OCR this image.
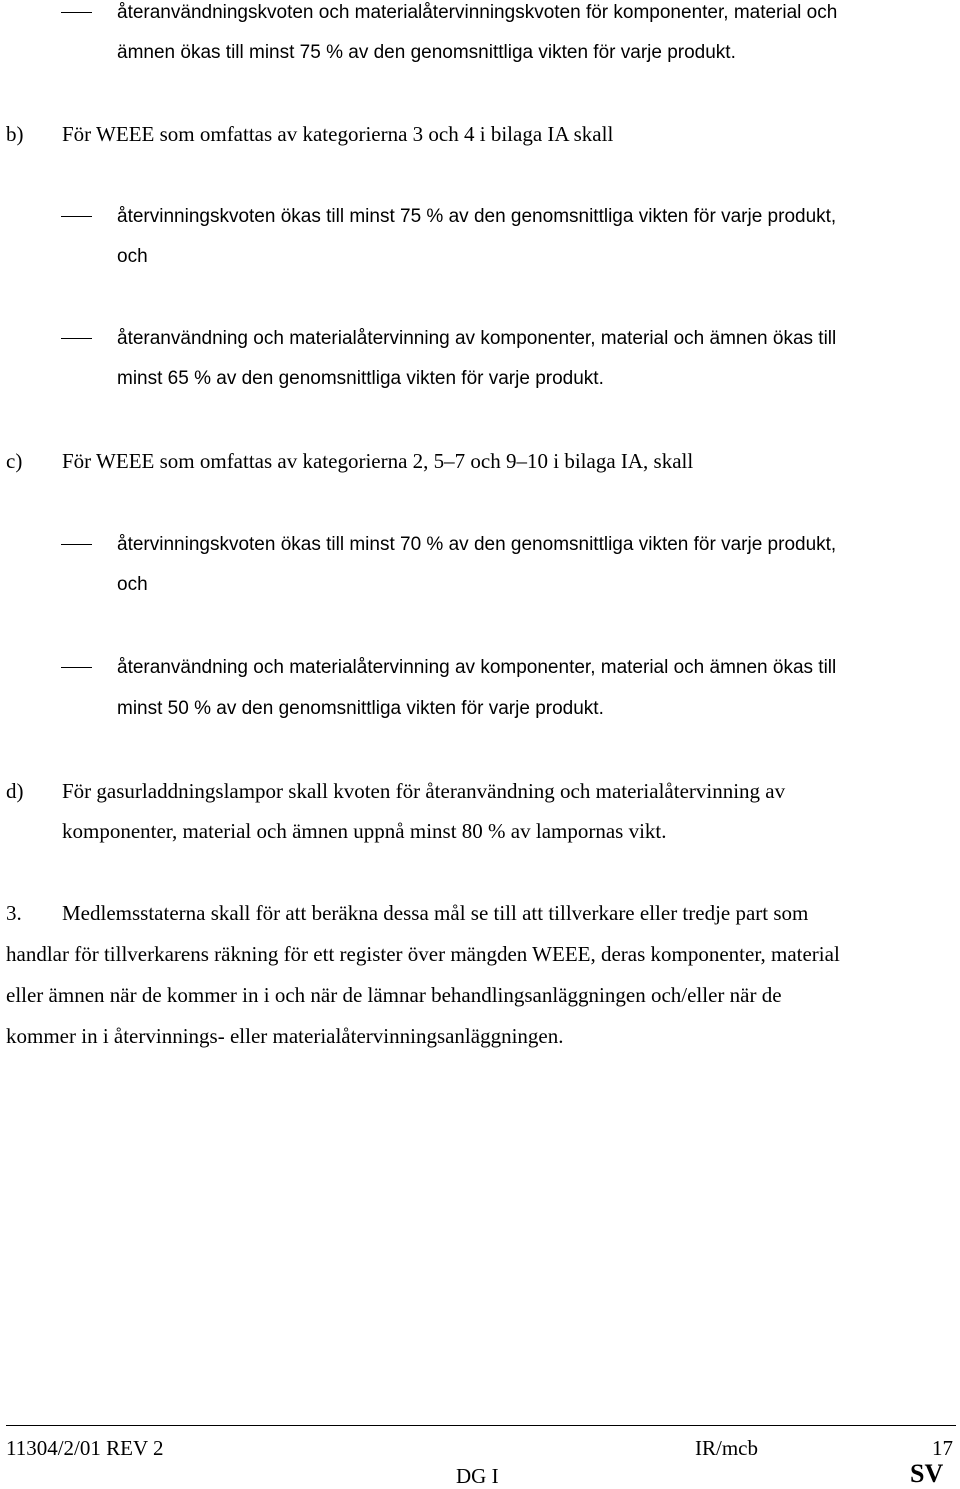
återanvändningskvoten och materialåtervinningskvoten för komponenter, material och
ämnen ökas till minst 75 % av den genomsnittliga vikten för varje produkt.
b) För WEEE som omfattas av kategorierna 3 och 4 i bilaga IA skall
återvinningskvoten ökas till minst 75 % av den genomsnittliga vikten för varje produkt,
och
återanvändning och materialåtervinning av komponenter, material och ämnen ökas till
minst 65 % av den genomsnittliga vikten för varje produkt.
c) För WEEE som omfattas av kategorierna 2, 5–7 och 9–10 i bilaga IA, skall
återvinningskvoten ökas till minst 70 % av den genomsnittliga vikten för varje produkt,
och
återanvändning och materialåtervinning av komponenter, material och ämnen ökas till
minst 50 % av den genomsnittliga vikten för varje produkt.
d) För gasurladdningslampor skall kvoten för återanvändning och materialåtervinning av
komponenter, material och ämnen uppnå minst 80 % av lampornas vikt.
3. Medlemsstaterna skall för att beräkna dessa mål se till att tillverkare eller tredje part som
handlar för tillverkarens räkning för ett register över mängden WEEE, deras komponenter, material
eller ämnen när de kommer in i och när de lämnar behandlingsanläggningen och/eller när de
kommer in i återvinnings- eller materialåtervinningsanläggningen.
11304/2/01 REV 2	IR/mcb	17
DG I	SV
